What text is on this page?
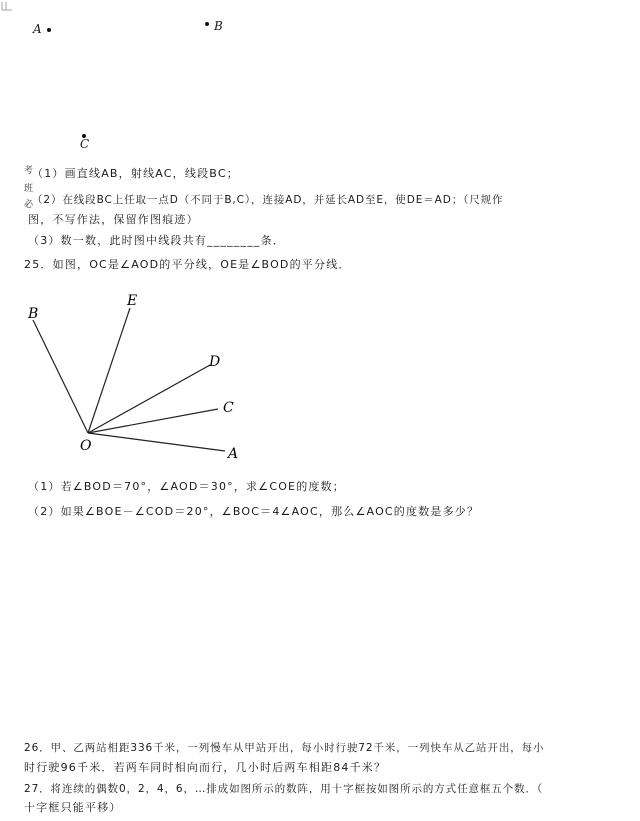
A	B
C
考
班
必
（1）画直线AB，射线AC，线段BC；
（2）在线段BC上任取一点D（不同于B,C），连接AD，并延长AD至E，使DE＝AD；（尺规作
图，不写作法，保留作图痕迹）
（3）数一数，此时图中线段共有________条．
25．如图，OC是∠AOD的平分线，OE是∠BOD的平分线．
O	A
B
C
D
E
（1）若∠BOD＝70°，∠AOD＝30°，求∠COE的度数；
（2）如果∠BOE－∠COD＝20°，∠BOC＝4∠AOC，那么∠AOC的度数是多少？
26．甲、乙两站相距336千米，一列慢车从甲站开出，每小时行驶72千米，一列快车从乙站开出，每小
时行驶96千米．若两车同时相向而行，几小时后两车相距84千米？
27．将连续的偶数0，2，4，6，…排成如图所示的数阵，用十字框按如图所示的方式任意框五个数．（
十字框只能平移）
